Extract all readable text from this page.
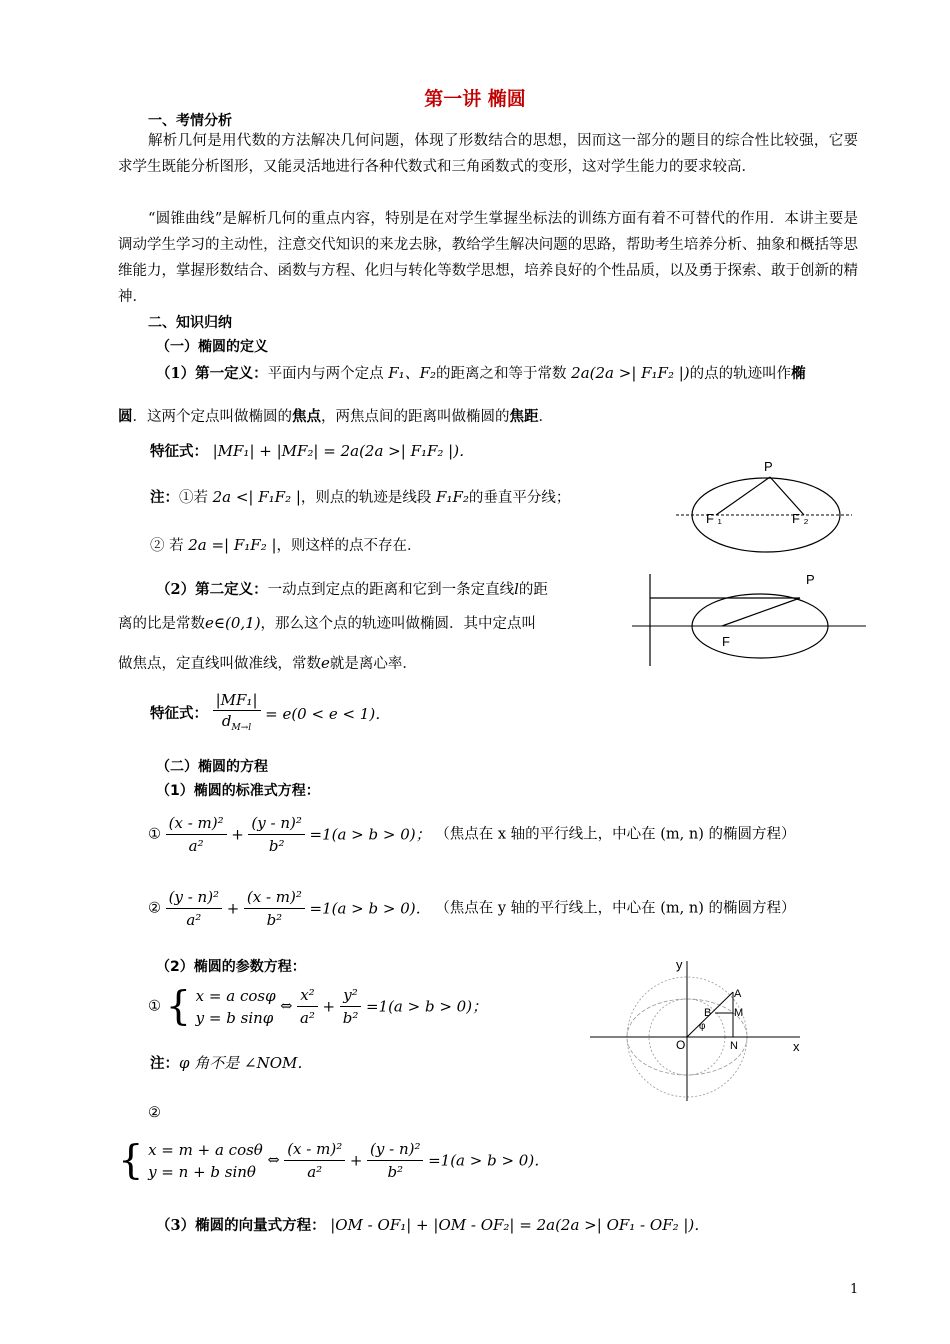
第一讲 椭圆
一、考情分析
解析几何是用代数的方法解决几何问题，体现了形数结合的思想，因而这一部分的题目的综合性比较强，它要求学生既能分析图形，又能灵活地进行各种代数式和三角函数式的变形，这对学生能力的要求较高．
“圆锥曲线”是解析几何的重点内容，特别是在对学生掌握坐标法的训练方面有着不可替代的作用．本讲主要是调动学生学习的主动性，注意交代知识的来龙去脉，教给学生解决问题的思路，帮助考生培养分析、抽象和概括等思维能力，掌握形数结合、函数与方程、化归与转化等数学思想，培养良好的个性品质，以及勇于探索、敢于创新的精神．
二、知识归纳
（一）椭圆的定义
（1）第一定义：平面内与两个定点 F₁、F₂的距离之和等于常数 2a(2a >| F₁F₂ |)的点的轨迹叫作椭
圆．这两个定点叫做椭圆的焦点，两焦点间的距离叫做椭圆的焦距．
特征式： |MF₁| + |MF₂| = 2a(2a >| F₁F₂ |)．
注：①若 2a <| F₁F₂ |，则点的轨迹是线段 F₁F₂的垂直平分线；
② 若 2a =| F₁F₂ |，则这样的点不存在．
P
F ₁	F ₂
（2）第二定义：一动点到定点的距离和它到一条定直线l的距
离的比是常数e∈(0,1)，那么这个点的轨迹叫做椭圆．其中定点叫
做焦点，定直线叫做准线，常数e就是离心率．
P
F
特征式： $\frac{\text{|MF₁|}}{d_{M\to l}} = e(0 < e < 1)$．
（二）椭圆的方程
（1）椭圆的标准式方程：
① $\frac{\text{(x - m)²}}{\text{a²}} + \frac{\text{(y - n)²}}{\text{b²}} =1(a > b > 0)$； （焦点在 x 轴的平行线上，中心在 (m, n) 的椭圆方程）
② $\frac{\text{(y - n)²}}{\text{a²}} + \frac{\text{(x - m)²}}{\text{b²}} =1(a > b > 0)$． （焦点在 y 轴的平行线上，中心在 (m, n) 的椭圆方程）
（2）椭圆的参数方程：
① { x = a cosφ
y = b sinφ
⇔ $\frac{\text{x²}}{\text{a²}} + \frac{\text{y²}}{\text{b²}} =1(a > b > 0)$；
注：φ 角不是 ∠NOM．
y
x
O
A
B M
N
φ
②
{ x = m + a cosθ
y = n + b sinθ
⇔ $\frac{\text{(x - m)²}}{\text{a²}} + \frac{\text{(y - n)²}}{\text{b²}} =1(a > b > 0)$．
（3）椭圆的向量式方程： |OM - OF₁| + |OM - OF₂| = 2a(2a >| OF₁ - OF₂ |)．
1
